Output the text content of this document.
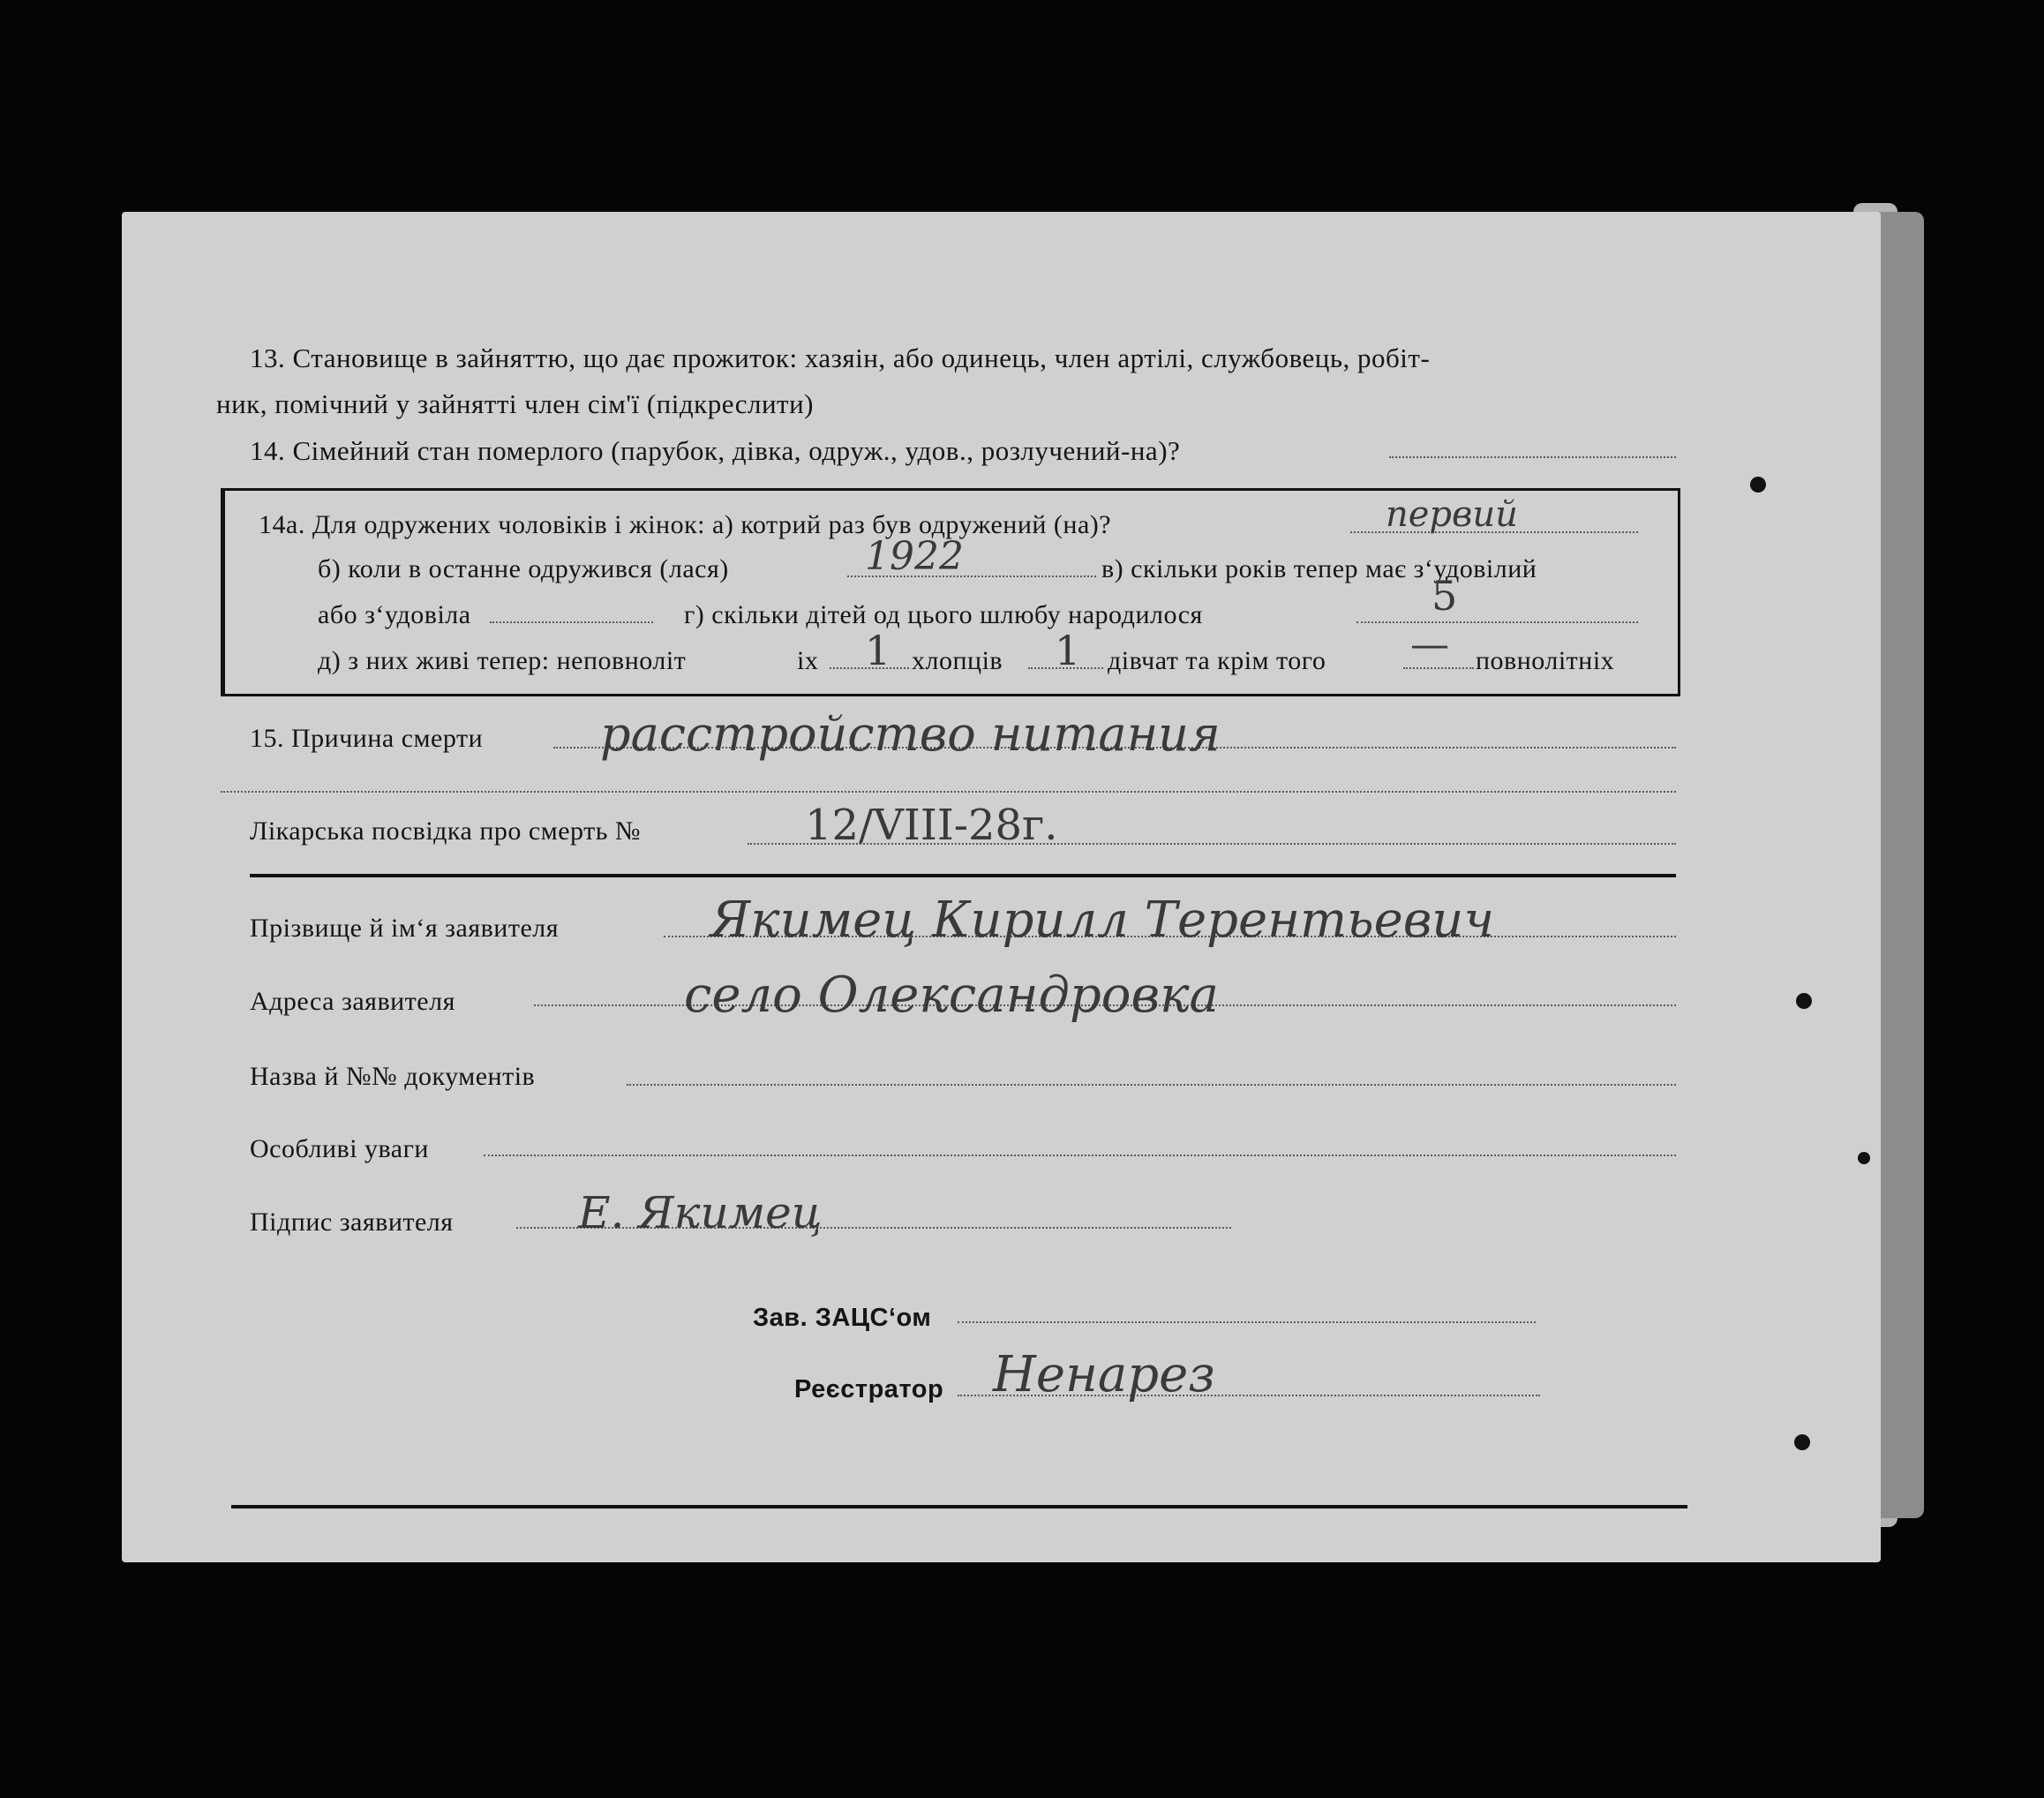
13. Становище в зайняттю, що дає прожиток: хазяін, або одинець, член артілі, службовець, робіт-
ник, помічний у зайнятті член сім'ї (підкреслити)
14. Сімейний стан померлого (парубок, дівка, одруж., удов., розлучений-на)?
14а. Для одружених чоловіків і жінок: а) котрий раз був одружений (на)?	первий
б) коли в останне одружився (лася)	1922	в) скільки років тепер має з‘удовілий
або з‘удовіла	г) скільки дітей од цього шлюбу народилося	5
д) з них живі тепер: неповноліт	іх 1 хлопців 1 дівчат та крім того — повнолітніх
15. Причина смерти расстройство нитания
Лікарська посвідка про смерть №	12/VIII-28г.
Прізвище й ім‘я заявителя	Якимец Кирилл Терентьевич
Адреса заявителя	село Олександровка
Назва й №№ документів
Особливі уваги
Підпис заявителя	Е. Якимец
Зав. ЗАЦС‘ом
Реєстратор Ненарез
